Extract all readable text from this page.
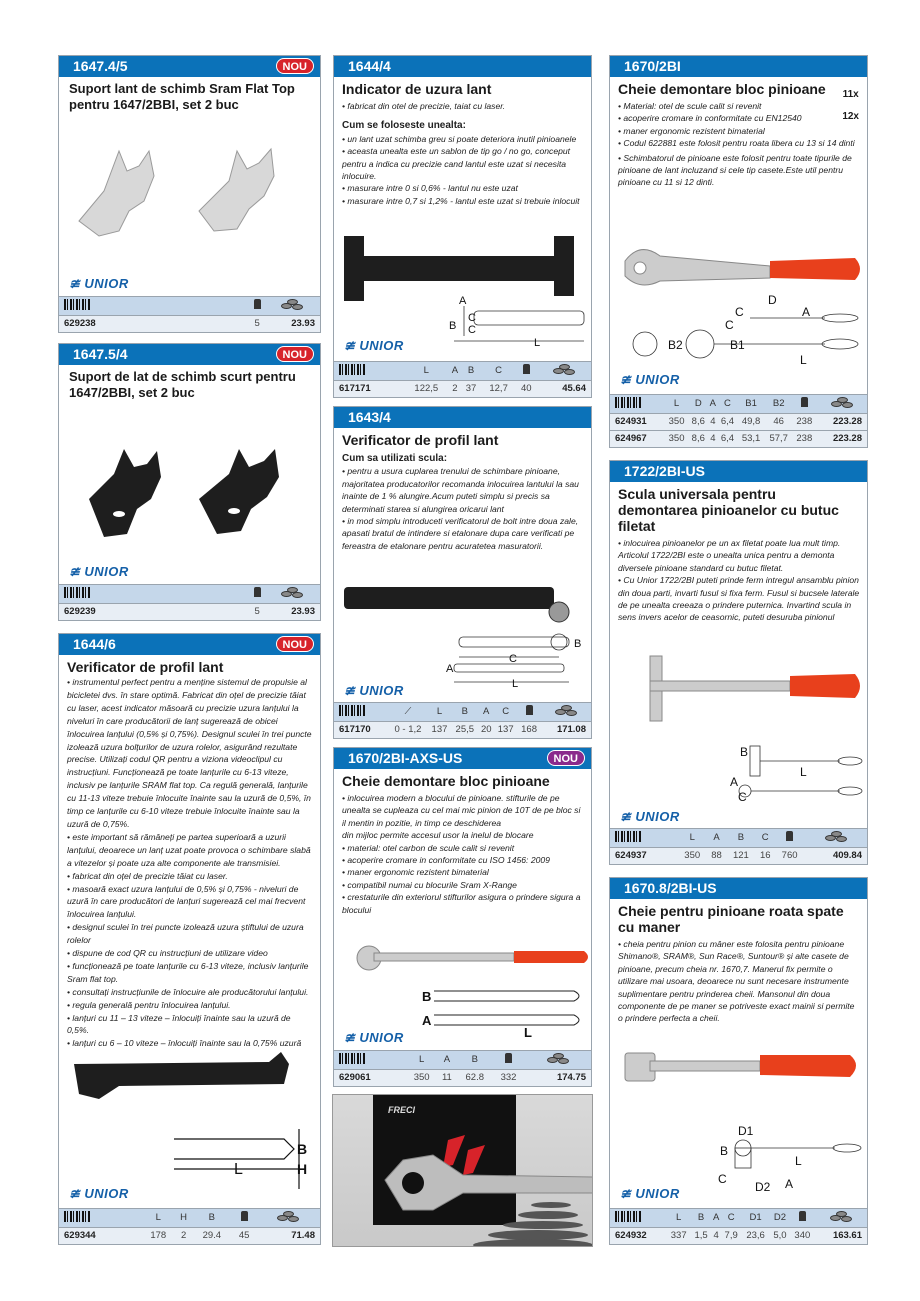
1647.4/5	NOU
Suport lant de schimb Sram Flat Top pentru 1647/2BBI, set 2 buc
≇ UNIOR

629238		5	23.93
1647.5/4	NOU
Suport de lat de schimb scurt pentru 1647/2BBI, set 2 buc
≇ UNIOR

629239		5	23.93
1644/6	NOU
Verificator de profil lant

• instrumentul perfect pentru a menține sistemul de propulsie al bicicletei dvs. în stare optimă. Fabricat din oțel de precizie tăiat cu laser, acest indicator măsoară cu precizie uzura lanțului la niveluri în care producătorii de lanț sugerează de obicei înlocuirea lanțului (0,5% și 0,75%). Designul sculei în trei puncte izolează uzura bolțurilor de uzura rolelor, asigurând rezultate precise. Utilizați codul QR pentru a viziona videoclipul cu instrucțiuni. Funcționează pe toate lanțurile cu 6-13 viteze, inclusiv pe lanțurile SRAM flat top. Ca regulă generală, lanțurile cu 11-13 viteze trebuie înlocuite înainte sau la uzură de 0,5%, în timp ce lanțurile cu 6-10 viteze trebuie înlocuite înainte sau la uzură de 0,75%.

• este important să rămâneți pe partea superioară a uzurii lanțului, deoarece un lanț uzat poate provoca o schimbare slabă a vitezelor și poate uza alte componente ale transmisiei.

• fabricat din oțel de precizie tăiat cu laser.

• masoară exact uzura lanțului de 0,5% și 0,75% - niveluri de uzură în care producători de lanțuri sugerează cel mai frecvent înlocuirea lanțului.

• designul sculei în trei puncte izolează uzura știftului de uzura rolelor

• dispune de cod QR cu instrucțiuni de utilizare video

• funcționează pe toate lanțurile cu 6-13 viteze, inclusiv lanțurile Sram flat top.

• consultați instrucțiunile de înlocuire ale producătorului lanțului.

• regula generală pentru înlocuirea lanțului.

• lanțuri cu 11 – 13 viteze – înlocuiți înainte sau la uzură de 0,5%.

• lanțuri cu 6 – 10 viteze – înlocuiți înainte sau la 0,75% uzură

L
B
H
≇ UNIOR
	L	H	B		

629344	178	2	29.4	45	71.48
1644/4
Indicator de uzura lant

• fabricat din otel de precizie, taiat cu laser.

Cum se foloseste unealta:

• un lant uzat schimba greu si poate deteriora inutil pinioanele

• aceasta unealta este un sablon de tip go / no go, conceput pentru a indica cu precizie cand lantul este uzat si necesita inlocuire.

• masurare intre 0 si 0,6% - lantul nu este uzat

• masurare intre 0,7 si 1,2% - lantul este uzat si trebuie inlocuit

A
B
C
C
L
≇ UNIOR
	L	A	B	C		

617171	122,5	2	37	12,7	40	45.64
1643/4
Verificator de profil lant

Cum sa utilizati scula:

• pentru a usura cuplarea trenului de schimbare pinioane, majoritatea producatorilor recomanda inlocuirea lantului la sau inainte de 1 % alungire.Acum puteti simplu si precis sa determinati starea si alungirea oricarui lant

• in mod simplu introduceti verificatorul de bolt intre doua zale, apasati bratul de intindere si etalonare dupa care verificati pe fereastra de etalonare pentru acuratetea masuratorii.

B
C
A
L
≇ UNIOR
	⟋	L	B	A	C		

617170	0 - 1,2	137	25,5	20	137	168	171.08
1670/2BI-AXS-US	NOU
Cheie demontare bloc pinioane

• inlocuirea modern a blocului de pinioane. stifturile de pe unealta se cupleaza cu cel mai mic pinion de 10T de pe bloc si il mentin in pozitie, in timp ce deschiderea

din mijloc permite accesul usor la inelul de blocare

• material: otel carbon de scule calit si revenit

• acoperire cromare in conformitate cu ISO 1456: 2009

• maner ergonomic rezistent bimaterial

• compatibil numai cu blocurile Sram X-Range

• crestaturile din exteriorul stifturilor asigura o prindere sigura a blocului

B
A
L
≇ UNIOR
	L	A	B		

629061	350	11	62.8	332	174.75
FRECI
1670/2BI
Cheie demontare bloc pinioane	11x
12x

• Material: otel de scule calit si revenit

• acoperire cromare in conformitate cu EN12540

• maner ergonomic rezistent bimaterial

• Codul 622881 este folosit pentru roata libera cu 13 si 14 dinti

• Schimbatorul de pinioane este folosit pentru toate tipurile de pinioane de lant incluzand si cele tip casete.Este util pentru pinioane cu 11 si 12 dinti.

D
C
C
A
B2	B1
L
≇ UNIOR
	L	D	A	C	B1	B2		

624931	350	8,6	4	6,4	49,8	46	238	223.28
624967	350	8,6	4	6,4	53,1	57,7	238	223.28
1722/2BI-US
Scula universala pentru demontarea pinioanelor cu butuc filetat

• inlocuirea pinioanelor pe un ax filetat poate lua mult timp. Articolul 1722/2BI este o unealta unica pentru a demonta diversele pinioane standard cu butuc filetat.

• Cu Unior 1722/2BI puteti prinde ferm intregul ansamblu pinion din doua parti, invarti fusul si fixa ferm. Fusul si bucsele laterale de pe unealta creeaza o prindere puternica. Invartind scula in sens invers acelor de ceasornic, puteti desuruba pinionul

B
L
A
C
≇ UNIOR
	L	A	B	C		

624937	350	88	121	16	760	409.84
1670.8/2BI-US
Cheie pentru pinioane roata spate cu maner

• cheia pentru pinion cu mâner este folosita pentru pinioane Shimano®, SRAM®, Sun Race®, Suntour® și alte casete de pinioane, precum cheia nr. 1670,7. Manerul fix permite o utilizare mai usoara, deoarece nu sunt necesare instrumente suplimentare pentru prinderea cheii. Mansonul din doua componente de pe maner se potriveste exact mainii si permite o prindere perfecta a cheii.

D1
B
L
C
D2 A
≇ UNIOR
	L	B	A	C	D1	D2		

624932	337	1,5	4	7,9	23,6	5,0	340	163.61
